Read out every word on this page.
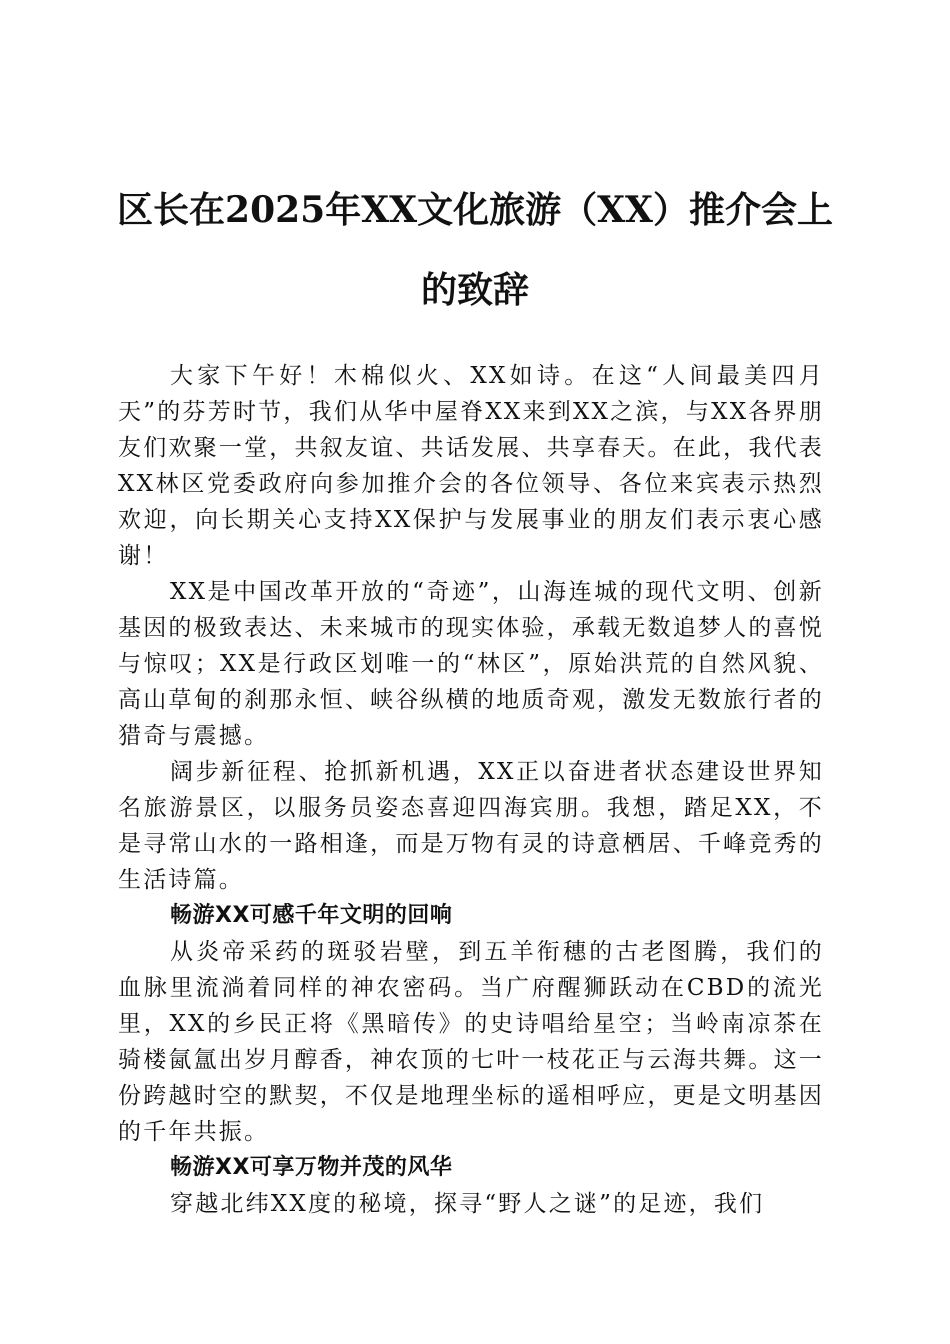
区长在2025年XX文化旅游（XX）推介会上
的致辞

大家下午好！木棉似火、XX如诗。在这“人间最美四月天”的芬芳时节，我们从华中屋脊XX来到XX之滨，与XX各界朋友们欢聚一堂，共叙友谊、共话发展、共享春天。在此，我代表XX林区党委政府向参加推介会的各位领导、各位来宾表示热烈欢迎，向长期关心支持XX保护与发展事业的朋友们表示衷心感谢！

XX是中国改革开放的“奇迹”，山海连城的现代文明、创新基因的极致表达、未来城市的现实体验，承载无数追梦人的喜悦与惊叹；XX是行政区划唯一的“林区”，原始洪荒的自然风貌、高山草甸的刹那永恒、峡谷纵横的地质奇观，激发无数旅行者的猎奇与震撼。

阔步新征程、抢抓新机遇，XX正以奋进者状态建设世界知名旅游景区，以服务员姿态喜迎四海宾朋。我想，踏足XX，不是寻常山水的一路相逢，而是万物有灵的诗意栖居、千峰竞秀的生活诗篇。

畅游XX可感千年文明的回响

从炎帝采药的斑驳岩壁，到五羊衔穗的古老图腾，我们的血脉里流淌着同样的神农密码。当广府醒狮跃动在CBD的流光里，XX的乡民正将《黑暗传》的史诗唱给星空；当岭南凉茶在骑楼氤氲出岁月醇香，神农顶的七叶一枝花正与云海共舞。这一份跨越时空的默契，不仅是地理坐标的遥相呼应，更是文明基因的千年共振。

畅游XX可享万物并茂的风华

穿越北纬XX度的秘境，探寻“野人之谜”的足迹，我们
